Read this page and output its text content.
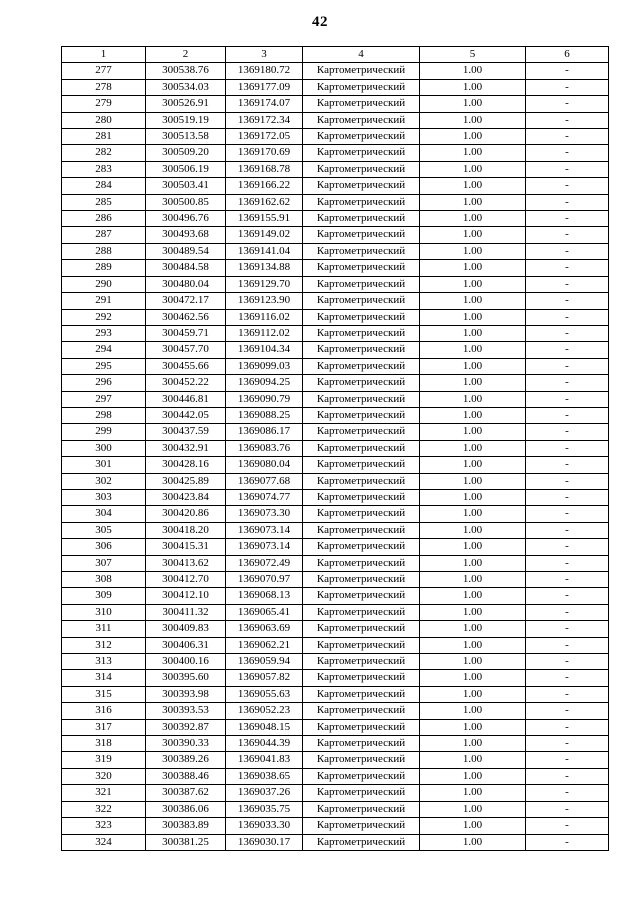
42
1	2	3	4	5	6
277	300538.76	1369180.72	Картометрический	1.00	-
278	300534.03	1369177.09	Картометрический	1.00	-
279	300526.91	1369174.07	Картометрический	1.00	-
280	300519.19	1369172.34	Картометрический	1.00	-
281	300513.58	1369172.05	Картометрический	1.00	-
282	300509.20	1369170.69	Картометрический	1.00	-
283	300506.19	1369168.78	Картометрический	1.00	-
284	300503.41	1369166.22	Картометрический	1.00	-
285	300500.85	1369162.62	Картометрический	1.00	-
286	300496.76	1369155.91	Картометрический	1.00	-
287	300493.68	1369149.02	Картометрический	1.00	-
288	300489.54	1369141.04	Картометрический	1.00	-
289	300484.58	1369134.88	Картометрический	1.00	-
290	300480.04	1369129.70	Картометрический	1.00	-
291	300472.17	1369123.90	Картометрический	1.00	-
292	300462.56	1369116.02	Картометрический	1.00	-
293	300459.71	1369112.02	Картометрический	1.00	-
294	300457.70	1369104.34	Картометрический	1.00	-
295	300455.66	1369099.03	Картометрический	1.00	-
296	300452.22	1369094.25	Картометрический	1.00	-
297	300446.81	1369090.79	Картометрический	1.00	-
298	300442.05	1369088.25	Картометрический	1.00	-
299	300437.59	1369086.17	Картометрический	1.00	-
300	300432.91	1369083.76	Картометрический	1.00	-
301	300428.16	1369080.04	Картометрический	1.00	-
302	300425.89	1369077.68	Картометрический	1.00	-
303	300423.84	1369074.77	Картометрический	1.00	-
304	300420.86	1369073.30	Картометрический	1.00	-
305	300418.20	1369073.14	Картометрический	1.00	-
306	300415.31	1369073.14	Картометрический	1.00	-
307	300413.62	1369072.49	Картометрический	1.00	-
308	300412.70	1369070.97	Картометрический	1.00	-
309	300412.10	1369068.13	Картометрический	1.00	-
310	300411.32	1369065.41	Картометрический	1.00	-
311	300409.83	1369063.69	Картометрический	1.00	-
312	300406.31	1369062.21	Картометрический	1.00	-
313	300400.16	1369059.94	Картометрический	1.00	-
314	300395.60	1369057.82	Картометрический	1.00	-
315	300393.98	1369055.63	Картометрический	1.00	-
316	300393.53	1369052.23	Картометрический	1.00	-
317	300392.87	1369048.15	Картометрический	1.00	-
318	300390.33	1369044.39	Картометрический	1.00	-
319	300389.26	1369041.83	Картометрический	1.00	-
320	300388.46	1369038.65	Картометрический	1.00	-
321	300387.62	1369037.26	Картометрический	1.00	-
322	300386.06	1369035.75	Картометрический	1.00	-
323	300383.89	1369033.30	Картометрический	1.00	-
324	300381.25	1369030.17	Картометрический	1.00	-
